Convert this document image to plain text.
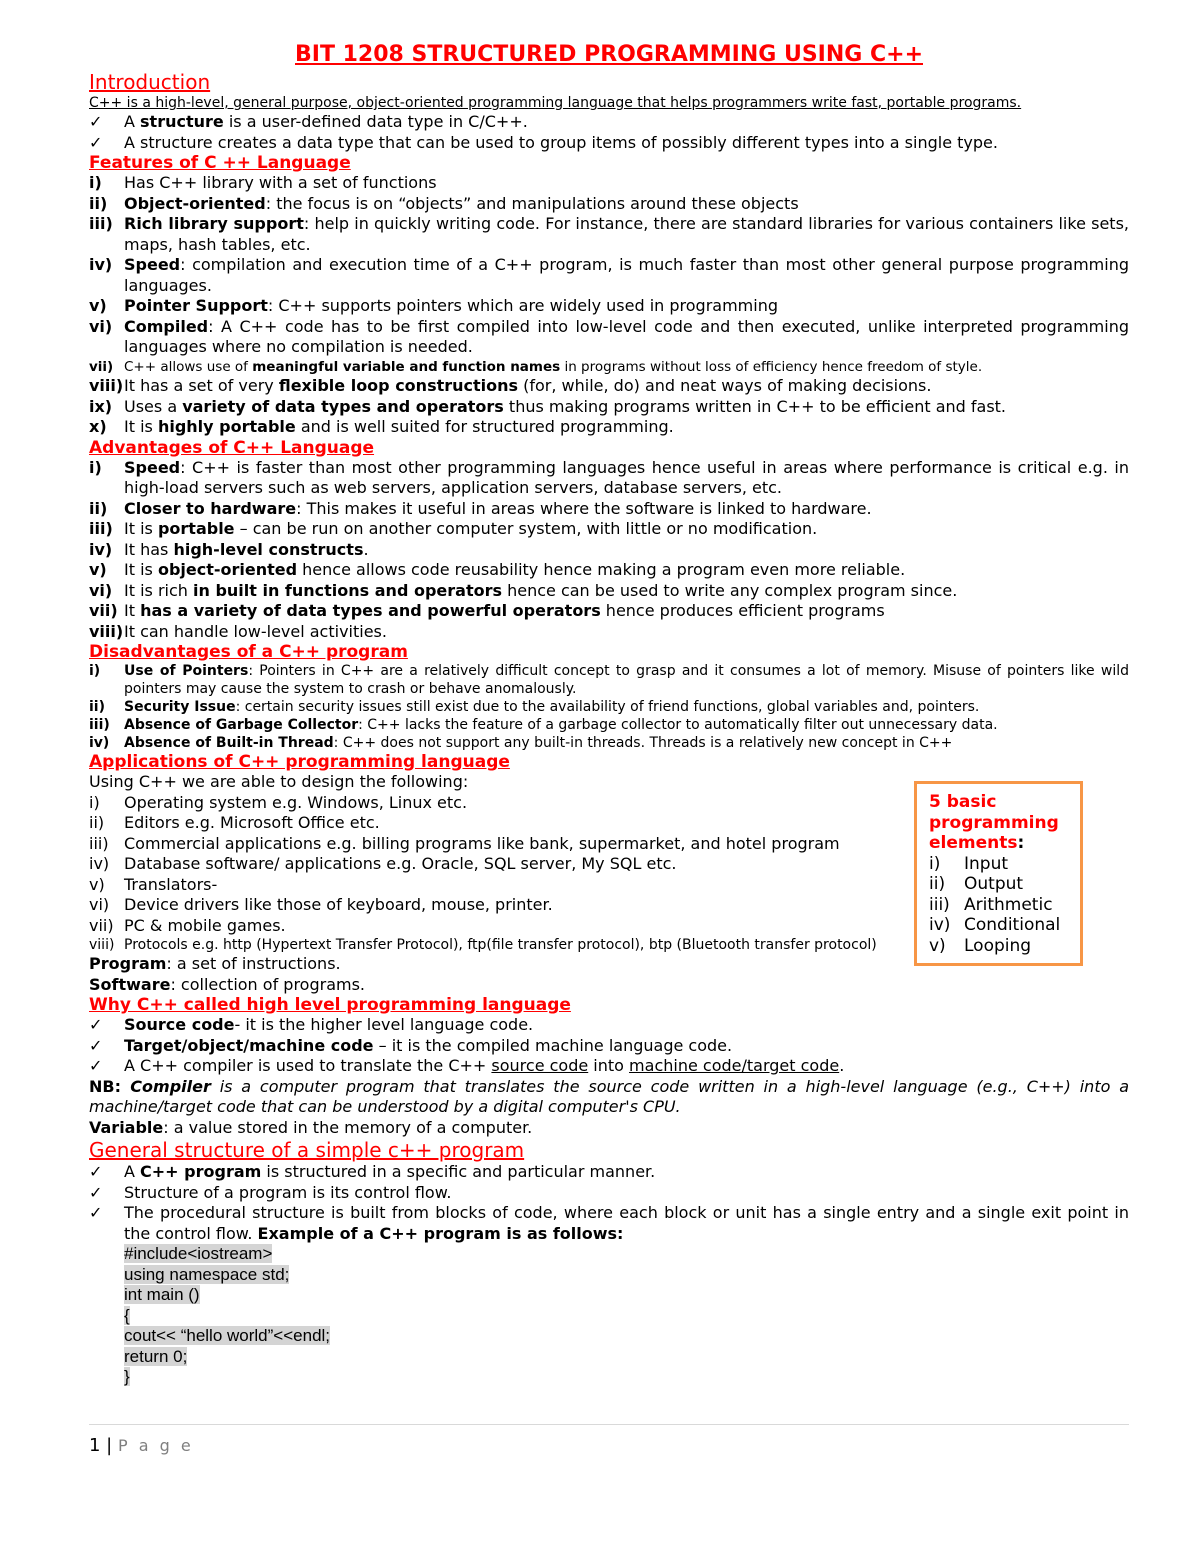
BIT 1208 STRUCTURED PROGRAMMING USING C++

Introduction

C++ is a high-level, general purpose, object-oriented programming language that helps programmers write fast, portable programs.

✓	A structure is a user-defined data type in C/C++.
✓	A structure creates a data type that can be used to group items of possibly different types into a single type.

Features of C ++ Language

i)	Has C++ library with a set of functions
ii)	Object-oriented: the focus is on “objects” and manipulations around these objects
iii) Rich library support: help in quickly writing code. For instance, there are standard libraries for various containers like sets, maps, hash tables, etc.
iv) Speed: compilation and execution time of a C++ program, is much faster than most other general purpose programming languages.
v)	Pointer Support: C++ supports pointers which are widely used in programming
vi) Compiled: A C++ code has to be first compiled into low-level code and then executed, unlike interpreted programming languages where no compilation is needed.
vii) C++ allows use of meaningful variable and function names in programs without loss of efficiency hence freedom of style.
viii) It has a set of very flexible loop constructions (for, while, do) and neat ways of making decisions.
ix) Uses a variety of data types and operators thus making programs written in C++ to be efficient and fast.
x)	It is highly portable and is well suited for structured programming.

Advantages of C++ Language

i)	Speed: C++ is faster than most other programming languages hence useful in areas where performance is critical e.g. in high-load servers such as web servers, application servers, database servers, etc.
ii)	Closer to hardware: This makes it useful in areas where the software is linked to hardware.
iii) It is portable – can be run on another computer system, with little or no modification.
iv) It has high-level constructs.
v)	It is object-oriented hence allows code reusability hence making a program even more reliable.
vi) It is rich in built in functions and operators hence can be used to write any complex program since.
vii) It has a variety of data types and powerful operators hence produces efficient programs
viii) It can handle low-level activities.

Disadvantages of a C++ program

i)	Use of Pointers: Pointers in C++ are a relatively difficult concept to grasp and it consumes a lot of memory. Misuse of pointers like wild pointers may cause the system to crash or behave anomalously.
ii)	Security Issue: certain security issues still exist due to the availability of friend functions, global variables and, pointers.
iii)	Absence of Garbage Collector: C++ lacks the feature of a garbage collector to automatically filter out unnecessary data.
iv)	Absence of Built-in Thread: C++ does not support any built-in threads. Threads is a relatively new concept in C++

Applications of C++ programming language

Using C++ we are able to design the following:

i)	Operating system e.g. Windows, Linux etc.
ii)	Editors e.g. Microsoft Office etc.
iii) Commercial applications e.g. billing programs like bank, supermarket, and hotel program
iv) Database software/ applications e.g. Oracle, SQL server, My SQL etc.
v)	Translators-
vi) Device drivers like those of keyboard, mouse, printer.
vii) PC & mobile games.
viii) Protocols e.g. http (Hypertext Transfer Protocol), ftp(file transfer protocol), btp (Bluetooth transfer protocol)

Program: a set of instructions.

Software: collection of programs.

Why C++ called high level programming language

✓	Source code- it is the higher level language code.
✓	Target/object/machine code – it is the compiled machine language code.
✓	A C++ compiler is used to translate the C++ source code into machine code/target code.

NB: Compiler is a computer program that translates the source code written in a high-level language (e.g., C++) into a machine/target code that can be understood by a digital computer's CPU.

Variable: a value stored in the memory of a computer.

General structure of a simple c++ program

✓	A C++ program is structured in a specific and particular manner.
✓	Structure of a program is its control flow.
✓	The procedural structure is built from blocks of code, where each block or unit has a single entry and a single exit point in the control flow. Example of a C++ program is as follows:
#include<iostream>
using namespace std;
int main ()
{
cout<< “hello world”<<endl;
return 0;
}
5 basic programming elements:
i)	Input
ii)	Output
iii) Arithmetic
iv) Conditional
v)	Looping
1 | P a g e
